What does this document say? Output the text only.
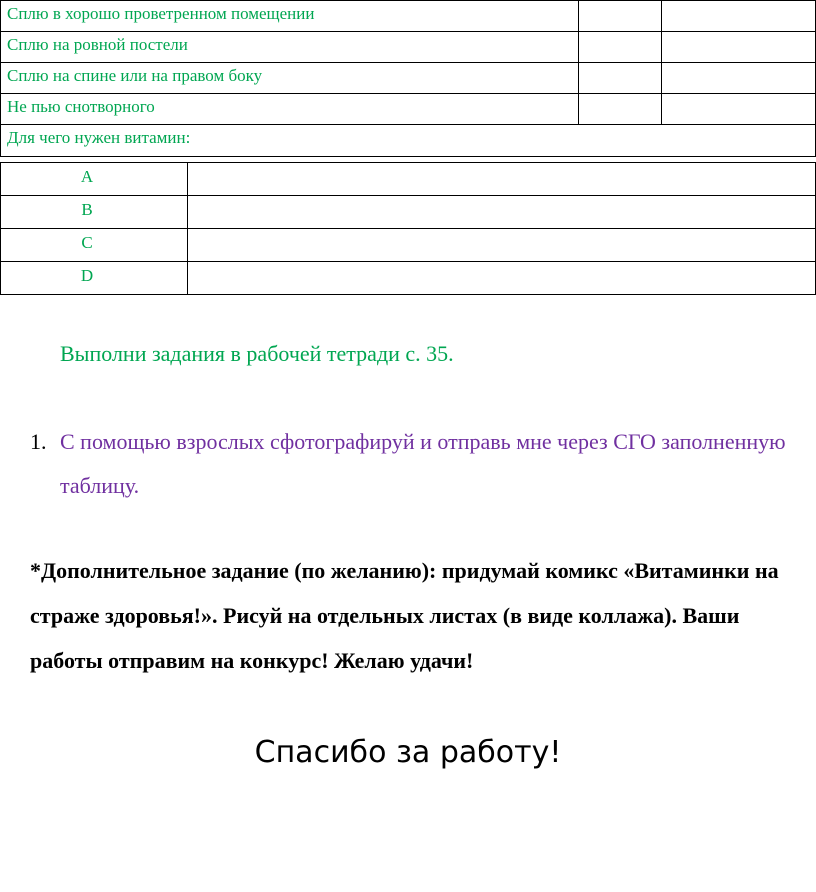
Сплю в хорошо проветренном помещении		
Сплю на ровной постели		
Сплю на спине или на правом боку		
Не пью снотворного		
Для чего нужен витамин:		
A	
B	
C	
D	
Выполни задания в рабочей тетради с. 35.
1. С помощью взрослых сфотографируй и отправь мне через СГО заполненную таблицу.
*Дополнительное задание (по желанию): придумай комикс «Витаминки на страже здоровья!». Рисуй на отдельных листах (в виде коллажа). Ваши работы отправим на конкурс! Желаю удачи!
Спасибо за работу!
